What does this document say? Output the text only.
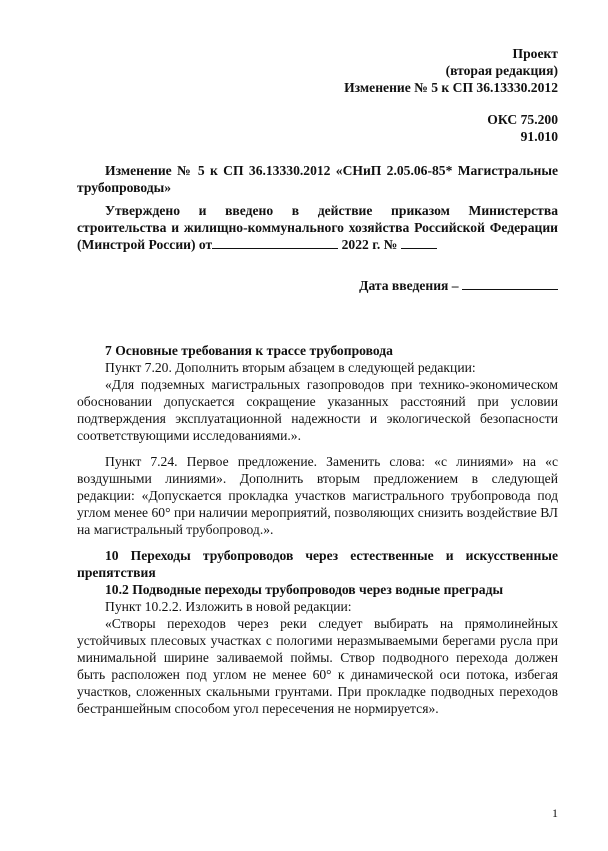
Проект
(вторая редакция)
Изменение № 5 к СП 36.13330.2012
ОКС 75.200
91.010
Изменение № 5 к СП 36.13330.2012 «СНиП 2.05.06-85* Магистральные трубопроводы»
Утверждено и введено в действие приказом Министерства строительства и жилищно-коммунального хозяйства Российской Федерации (Минстрой России) от	2022 г. №
Дата введения –
7 Основные требования к трассе трубопровода
Пункт 7.20. Дополнить вторым абзацем в следующей редакции:
«Для подземных магистральных газопроводов при технико-экономическом обосновании допускается сокращение указанных расстояний при условии подтверждения эксплуатационной надежности и экологической безопасности соответствующими исследованиями.».
Пункт 7.24. Первое предложение. Заменить слова: «с линиями» на «с воздушными линиями». Дополнить вторым предложением в следующей редакции: «Допускается прокладка участков магистрального трубопровода под углом менее 60° при наличии мероприятий, позволяющих снизить воздействие ВЛ на магистральный трубопровод.».
10 Переходы трубопроводов через естественные и искусственные препятствия
10.2 Подводные переходы трубопроводов через водные преграды
Пункт 10.2.2. Изложить в новой редакции:
«Створы переходов через реки следует выбирать на прямолинейных устойчивых плесовых участках с пологими неразмываемыми берегами русла при минимальной ширине заливаемой поймы. Створ подводного перехода должен быть расположен под углом не менее 60° к динамической оси потока, избегая участков, сложенных скальными грунтами. При прокладке подводных переходов бестраншейным способом угол пересечения не нормируется».
1
